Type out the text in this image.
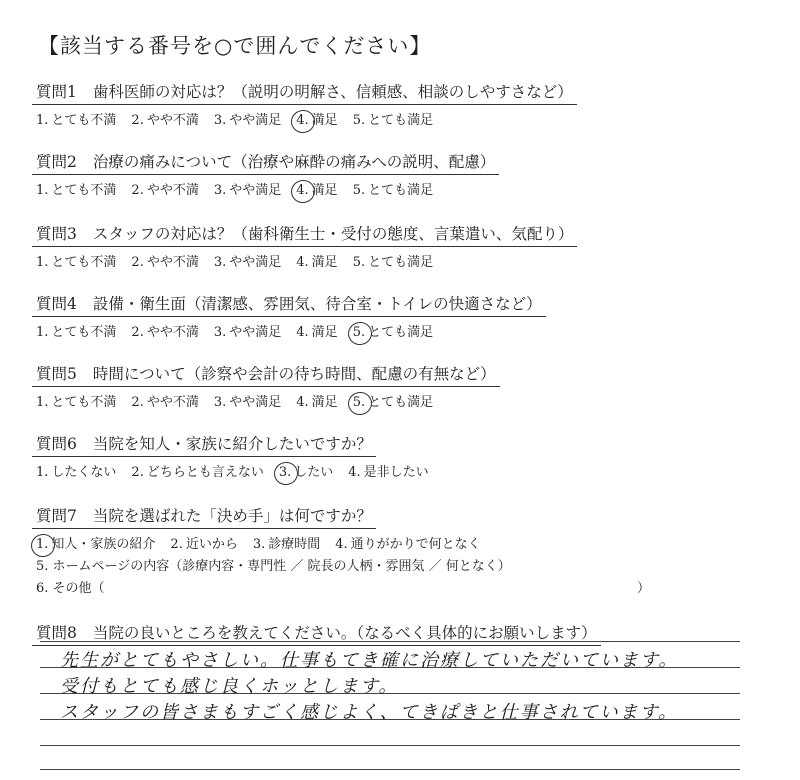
【該当する番号を○で囲んでください】
質問1 歯科医師の対応は？（説明の明解さ、信頼感、相談のしやすさなど）
1. とても不満 2. やや不満 3. やや満足 4. 満足 5. とても満足
質問2 治療の痛みについて（治療や麻酔の痛みへの説明、配慮）
1. とても不満 2. やや不満 3. やや満足 4. 満足 5. とても満足
質問3 スタッフの対応は？（歯科衛生士・受付の態度、言葉遣い、気配り）
1. とても不満 2. やや不満 3. やや満足 4. 満足 5. とても満足
質問4 設備・衛生面（清潔感、雰囲気、待合室・トイレの快適さなど）
1. とても不満 2. やや不満 3. やや満足 4. 満足 5. とても満足
質問5 時間について（診察や会計の待ち時間、配慮の有無など）
1. とても不満 2. やや不満 3. やや満足 4. 満足 5. とても満足
質問6 当院を知人・家族に紹介したいですか？
1. したくない 2. どちらとも言えない 3. したい 4. 是非したい
質問7 当院を選ばれた「決め手」は何ですか？
1. 知人・家族の紹介 2. 近いから 3. 診療時間 4. 通りがかりで何となく
5. ホームページの内容（診療内容・専門性 ／ 院長の人柄・雰囲気 ／ 何となく）
6. その他（	）
質問8 当院の良いところを教えてください。（なるべく具体的にお願いします）
先生がとてもやさしい。仕事もてき確に治療していただいています。
受付もとても感じ良くホッとします。
スタッフの皆さまもすごく感じよく、てきぱきと仕事されています。
